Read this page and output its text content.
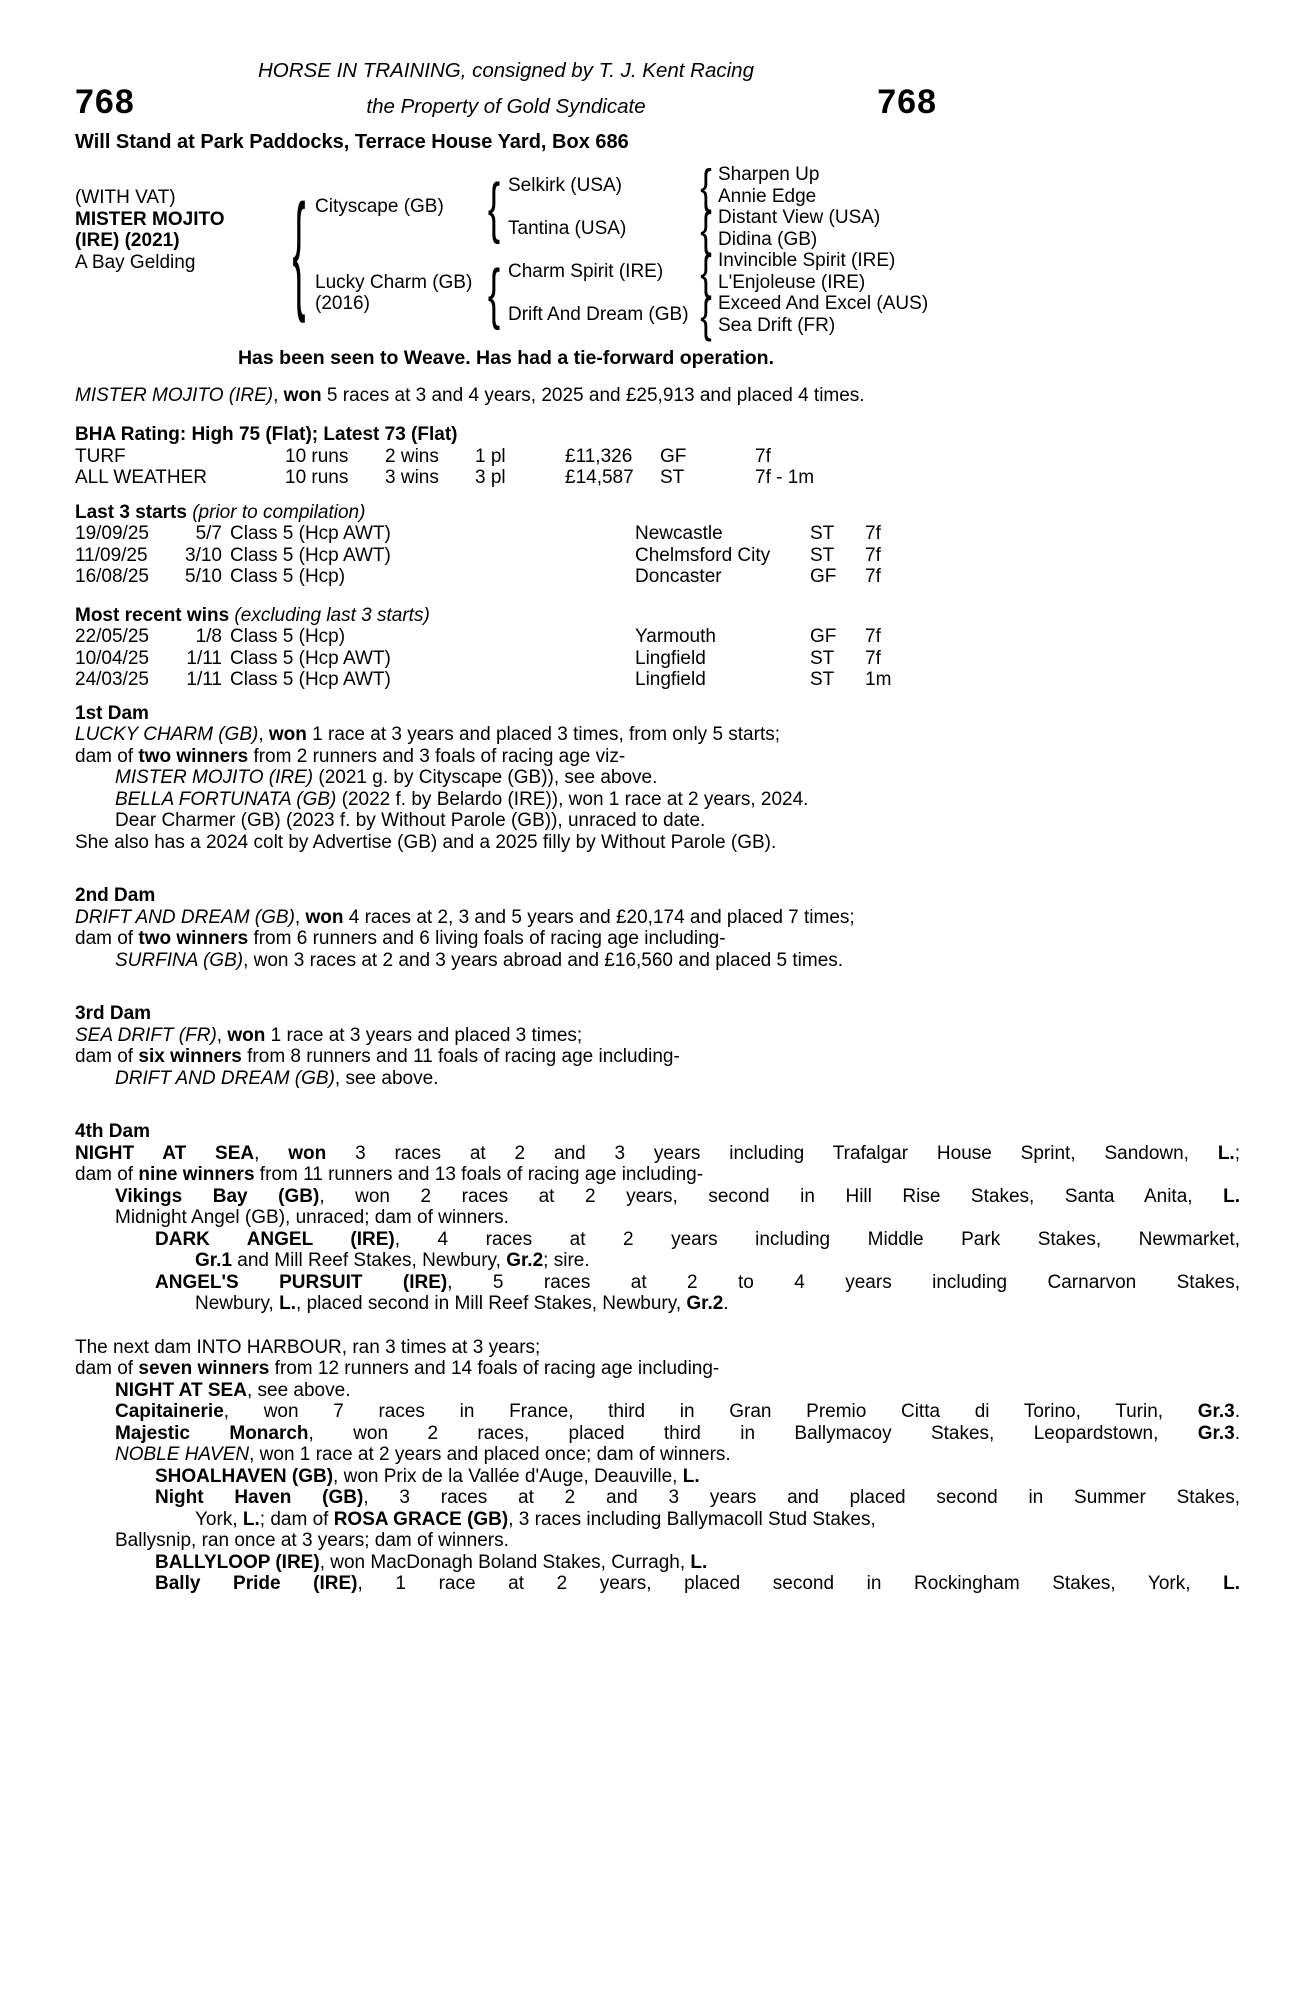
HORSE IN TRAINING, consigned by T. J. Kent Racing
768	the Property of Gold Syndicate	768
Will Stand at Park Paddocks, Terrace House Yard, Box 686
(WITH VAT)
MISTER MOJITO
(IRE) (2021)
A Bay Gelding	{ Cityscape (GB)
Lucky Charm (GB)
(2016)
{
{
Selkirk (USA)
Tantina (USA)
Charm Spirit (IRE)
Drift And Dream (GB)
{
{
{
{
Sharpen Up
Annie Edge
Distant View (USA)
Didina (GB)
Invincible Spirit (IRE)
L'Enjoleuse (IRE)
Exceed And Excel (AUS)
Sea Drift (FR)
Has been seen to Weave. Has had a tie-forward operation.
MISTER MOJITO (IRE), won 5 races at 3 and 4 years, 2025 and £25,913 and placed 4 times.
BHA Rating: High 75 (Flat); Latest 73 (Flat)
TURF	10 runs	2 wins	1 pl	£11,326	GF	7f
ALL WEATHER	10 runs	3 wins	3 pl	£14,587	ST	7f - 1m
Last 3 starts (prior to compilation)
19/09/25	5/7 Class 5 (Hcp AWT)	Newcastle	ST	7f
11/09/25	3/10 Class 5 (Hcp AWT)	Chelmsford City	ST	7f
16/08/25	5/10 Class 5 (Hcp)	Doncaster	GF	7f
Most recent wins (excluding last 3 starts)
22/05/25	1/8 Class 5 (Hcp)	Yarmouth	GF	7f
10/04/25	1/11 Class 5 (Hcp AWT)	Lingfield	ST	7f
24/03/25	1/11 Class 5 (Hcp AWT)	Lingfield	ST	1m
1st Dam
LUCKY CHARM (GB), won 1 race at 3 years and placed 3 times, from only 5 starts;
dam of two winners from 2 runners and 3 foals of racing age viz-
MISTER MOJITO (IRE) (2021 g. by Cityscape (GB)), see above.
BELLA FORTUNATA (GB) (2022 f. by Belardo (IRE)), won 1 race at 2 years, 2024.
Dear Charmer (GB) (2023 f. by Without Parole (GB)), unraced to date.
She also has a 2024 colt by Advertise (GB) and a 2025 filly by Without Parole (GB).
2nd Dam
DRIFT AND DREAM (GB), won 4 races at 2, 3 and 5 years and £20,174 and placed 7 times;
dam of two winners from 6 runners and 6 living foals of racing age including-
SURFINA (GB), won 3 races at 2 and 3 years abroad and £16,560 and placed 5 times.
3rd Dam
SEA DRIFT (FR), won 1 race at 3 years and placed 3 times;
dam of six winners from 8 runners and 11 foals of racing age including-
DRIFT AND DREAM (GB), see above.
4th Dam
NIGHT AT SEA, won 3 races at 2 and 3 years including Trafalgar House Sprint, Sandown, L.;
dam of nine winners from 11 runners and 13 foals of racing age including-
Vikings Bay (GB), won 2 races at 2 years, second in Hill Rise Stakes, Santa Anita, L.
Midnight Angel (GB), unraced; dam of winners.
DARK ANGEL (IRE), 4 races at 2 years including Middle Park Stakes, Newmarket,
Gr.1 and Mill Reef Stakes, Newbury, Gr.2; sire.
ANGEL'S PURSUIT (IRE), 5 races at 2 to 4 years including Carnarvon Stakes,
Newbury, L., placed second in Mill Reef Stakes, Newbury, Gr.2.
The next dam INTO HARBOUR, ran 3 times at 3 years;
dam of seven winners from 12 runners and 14 foals of racing age including-
NIGHT AT SEA, see above.
Capitainerie, won 7 races in France, third in Gran Premio Citta di Torino, Turin, Gr.3.
Majestic Monarch, won 2 races, placed third in Ballymacoy Stakes, Leopardstown, Gr.3.
NOBLE HAVEN, won 1 race at 2 years and placed once; dam of winners.
SHOALHAVEN (GB), won Prix de la Vallée d'Auge, Deauville, L.
Night Haven (GB), 3 races at 2 and 3 years and placed second in Summer Stakes,
York, L.; dam of ROSA GRACE (GB), 3 races including Ballymacoll Stud Stakes,
Ballysnip, ran once at 3 years; dam of winners.
BALLYLOOP (IRE), won MacDonagh Boland Stakes, Curragh, L.
Bally Pride (IRE), 1 race at 2 years, placed second in Rockingham Stakes, York, L.
